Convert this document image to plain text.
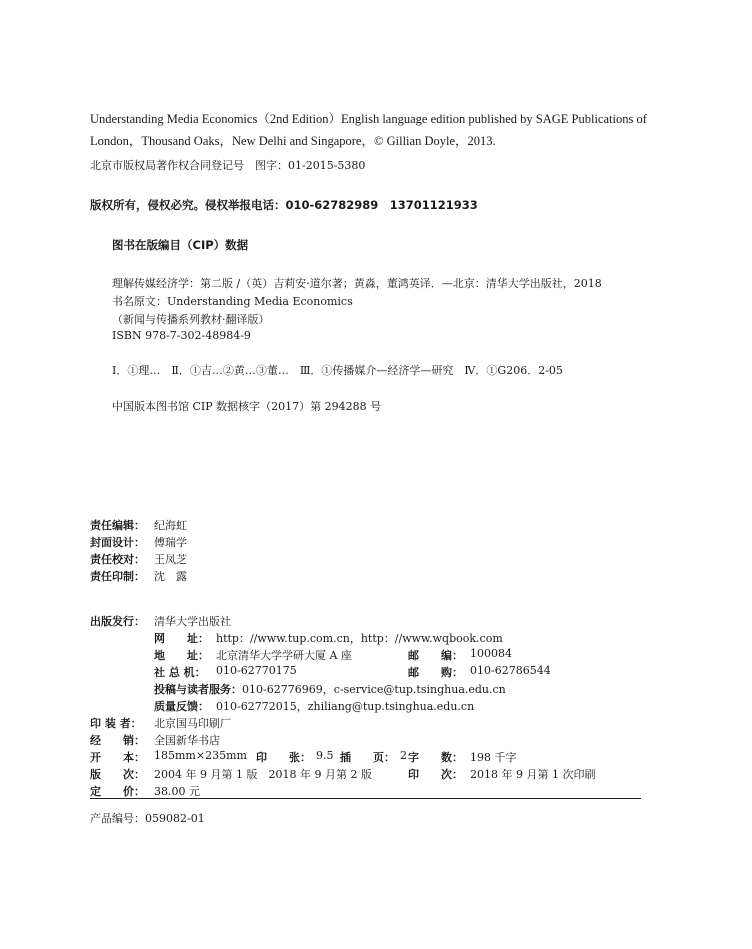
Understanding Media Economics（2nd Edition）English language edition published by SAGE Publications of
London，Thousand Oaks，New Delhi and Singapore，© Gillian Doyle，2013.
北京市版权局著作权合同登记号　图字：01-2015-5380
版权所有，侵权必究。侵权举报电话：010-62782989　13701121933
图书在版编目（CIP）数据
理解传媒经济学：第二版 /（英）吉莉安·道尔著；黄淼，董鸿英译．—北京：清华大学出版社，2018
书名原文：Understanding Media Economics
（新闻与传播系列教材·翻译版）
ISBN 978-7-302-48984-9
Ⅰ．①理…　Ⅱ．①吉…②黄…③董…　Ⅲ．①传播媒介—经济学—研究　Ⅳ．①G206．2-05
中国版本图书馆 CIP 数据核字（2017）第 294288 号
责任编辑： 纪海虹
封面设计： 傅瑞学
责任校对： 王凤芝
责任印制： 沈　露
出版发行： 清华大学出版社
网　　址： http：//www.tup.com.cn，http：//www.wqbook.com
地　　址： 北京清华大学学研大厦 A 座	邮　　编： 100084
社 总 机： 010-62770175	邮　　购： 010-62786544
投稿与读者服务： 010-62776969，c-service@tup.tsinghua.edu.cn
质量反馈： 010-62772015，zhiliang@tup.tsinghua.edu.cn
印 装 者： 北京国马印刷厂
经　　销： 全国新华书店
开　　本： 185mm×235mm 印　　张： 9.5 插　　页： 2 字　　数： 198 千字
版　　次： 2004 年 9 月第 1 版　2018 年 9 月第 2 版	印　　次： 2018 年 9 月第 1 次印刷
定　　价： 38.00 元
产品编号：059082-01
